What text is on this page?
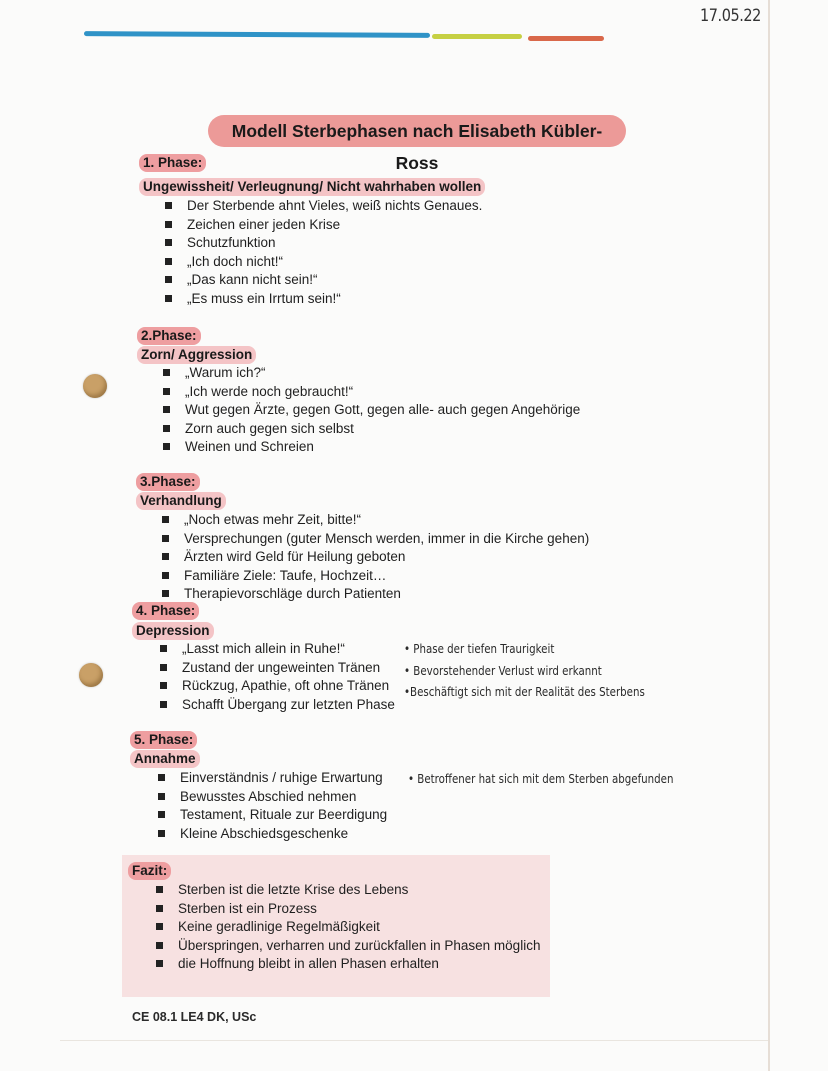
17.05.22
Modell Sterbephasen nach Elisabeth Kübler- Ross
1. Phase:
Ungewissheit/ Verleugnung/ Nicht wahrhaben wollen
Der Sterbende ahnt Vieles, weiß nichts Genaues.
Zeichen einer jeden Krise
Schutzfunktion
„Ich doch nicht!“
„Das kann nicht sein!“
„Es muss ein Irrtum sein!“
2.Phase:
Zorn/ Aggression
„Warum ich?“
„Ich werde noch gebraucht!“
Wut gegen Ärzte, gegen Gott, gegen alle- auch gegen Angehörige
Zorn auch gegen sich selbst
Weinen und Schreien
3.Phase:
Verhandlung
„Noch etwas mehr Zeit, bitte!“
Versprechungen (guter Mensch werden, immer in die Kirche gehen)
Ärzten wird Geld für Heilung geboten
Familiäre Ziele: Taufe, Hochzeit…
Therapievorschläge durch Patienten
4. Phase:
Depression
„Lasst mich allein in Ruhe!“
Zustand der ungeweinten Tränen
Rückzug, Apathie, oft ohne Tränen
Schafft Übergang zur letzten Phase
• Phase der tiefen Traurigkeit
• Bevorstehender Verlust wird erkannt
•Beschäftigt sich mit der Realität des Sterbens
5. Phase:
Annahme
Einverständnis / ruhige Erwartung
Bewusstes Abschied nehmen
Testament, Rituale zur Beerdigung
Kleine Abschiedsgeschenke
• Betroffener hat sich mit dem Sterben abgefunden
Fazit:
Sterben ist die letzte Krise des Lebens
Sterben ist ein Prozess
Keine geradlinige Regelmäßigkeit
Überspringen, verharren und zurückfallen in Phasen möglich
die Hoffnung bleibt in allen Phasen erhalten
CE 08.1 LE4 DK, USc
